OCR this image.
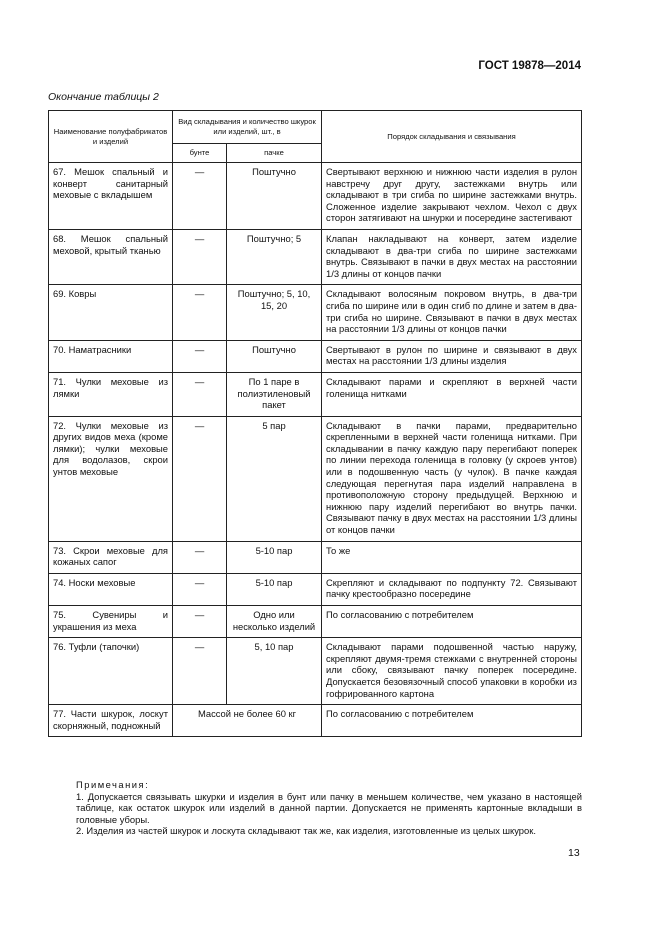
ГОСТ 19878—2014
Окончание таблицы 2
Наименование полуфабрикатов и изделий	Вид складывания и количество шкурок или изделий, шт., в		Порядок складывания и связывания
	бунте	пачке	
67. Мешок спальный и конверт санитарный меховые с вкладышем	—	Поштучно	Свертывают верхнюю и нижнюю части изделия в рулон навстречу друг другу, застежками внутрь или складывают в три сгиба по ширине застежками внутрь. Сложенное изделие закрывают чехлом. Чехол с двух сторон затягивают на шнурки и посередине застегивают
68. Мешок спальный меховой, крытый тканью	—	Поштучно; 5	Клапан накладывают на конверт, затем изделие складывают в два-три сгиба по ширине застежками внутрь. Связывают в пачки в двух местах на расстоянии 1/3 длины от концов пачки
69. Ковры	—	Поштучно; 5, 10, 15, 20	Складывают волосяным покровом внутрь, в два-три сгиба по ширине или в один сгиб по длине и затем в два-три сгиба но ширине. Связывают в пачки в двух местах на расстоянии 1/3 длины от концов пачки
70. Наматрасники	—	Поштучно	Свертывают в рулон по ширине и связывают в двух местах на расстоянии 1/3 длины изделия
71. Чулки меховые из лямки	—	По 1 паре в полиэтиленовый пакет	Складывают парами и скрепляют в верхней части голенища нитками
72. Чулки меховые из других видов меха (кроме лямки); чулки меховые для водолазов, скрои унтов меховые	—	5 пар	Складывают в пачки парами, предварительно скрепленными в верхней части голенища нитками. При складывании в пачку каждую пару перегибают поперек по линии перехода голенища в головку (у скроев унтов) или в подошвенную часть (у чулок). В пачке каждая следующая перегнутая пара изделий направлена в противоположную сторону предыдущей. Верхнюю и нижнюю пару изделий перегибают во внутрь пачки. Связывают пачку в двух местах на расстоянии 1/3 длины от концов пачки
73. Скрои меховые для кожаных сапог	—	5-10 пар	То же
74. Носки меховые	—	5-10 пар	Скрепляют и складывают по подпункту 72. Связывают пачку крестообразно посередине
75. Сувениры и украшения из меха	—	Одно или несколько изделий	По согласованию с потребителем
76. Туфли (тапочки)	—	5, 10 пар	Складывают парами подошвенной частью наружу, скрепляют двумя-тремя стежками с внутренней стороны или сбоку, связывают пачку поперек посередине. Допускается безовязочный способ упаковки в коробки из гофрированного картона
77. Части шкурок, лоскут скорняжный, подножный	Массой не более 60 кг		По согласованию с потребителем

Примечания:

1. Допускается связывать шкурки и изделия в бунт или пачку в меньшем количестве, чем указано в настоящей таблице, как остаток шкурок или изделий в данной партии. Допускается не применять картонные вкладыши в головные уборы.

2. Изделия из частей шкурок и лоскута складывают так же, как изделия, изготовленные из целых шкурок.

13
